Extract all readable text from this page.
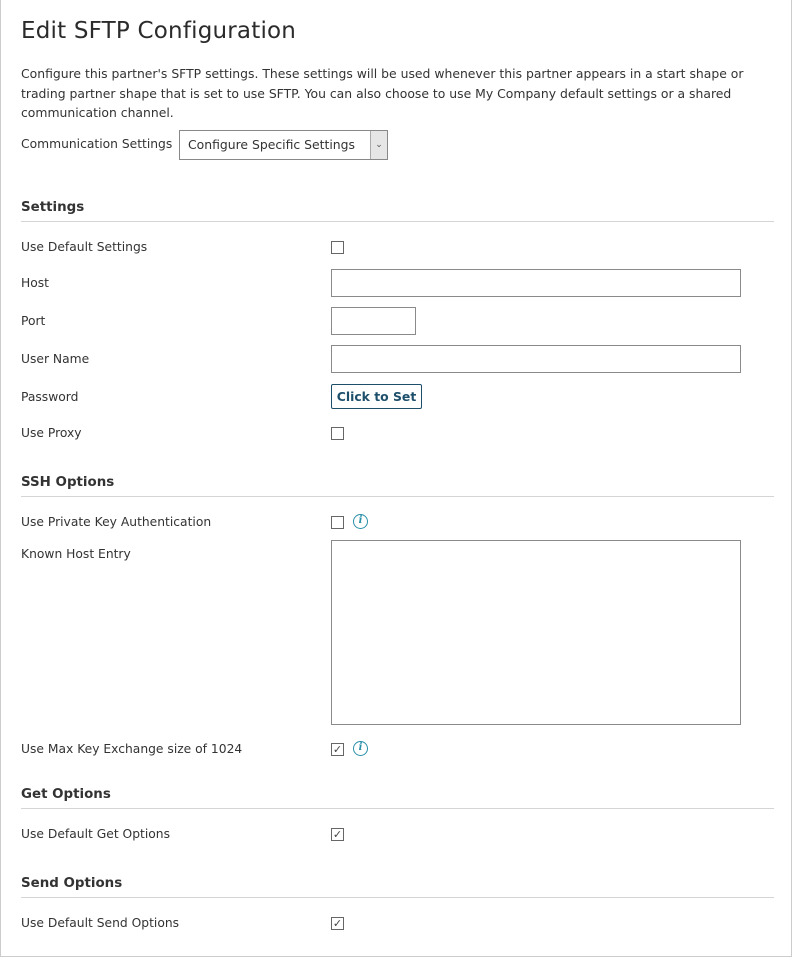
Edit SFTP Configuration
Configure this partner's SFTP settings. These settings will be used whenever this partner appears in a start shape or trading partner shape that is set to use SFTP. You can also choose to use My Company default settings or a shared communication channel.
Communication Settings	Configure Specific Settings	⌄
Settings
Use Default Settings
Host
Port
User Name
Password	Click to Set
Use Proxy
SSH Options
Use Private Key Authentication	i
Known Host Entry
Use Max Key Exchange size of 1024	✓	i
Get Options
Use Default Get Options	✓
Send Options
Use Default Send Options	✓
